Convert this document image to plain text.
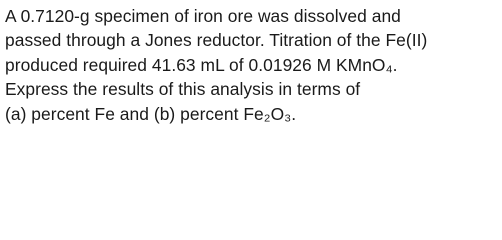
A 0.7120-g specimen of iron ore was dissolved and
passed through a Jones reductor. Titration of the Fe(II)
produced required 41.63 mL of 0.01926 M KMnO₄.
Express the results of this analysis in terms of
(a) percent Fe and (b) percent Fe₂O₃.
